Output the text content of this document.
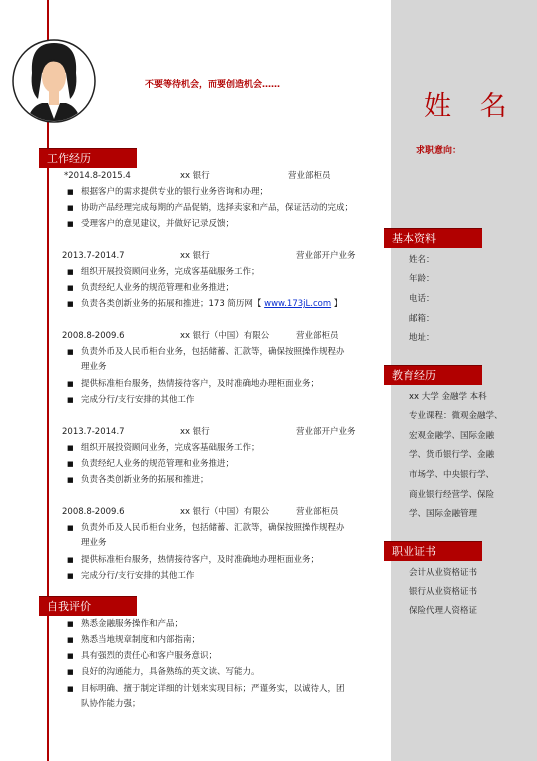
不要等待机会，而要创造机会……
姓 名
求职意向：
工作经历
自我评价
基本资料
教育经历
职业证书
*2014.8-2015.4	xx 银行	营业部柜员
■ 根据客户的需求提供专业的银行业务咨询和办理；
■ 协助产品经理完成每期的产品促销，选择卖家和产品，保证活动的完成；
■ 受理客户的意见建议，并做好记录反馈；
2013.7-2014.7	xx 银行	营业部开户业务
■ 组织开展投资顾问业务，完成客基础服务工作；
■ 负责经纪人业务的规范管理和业务推进；
■ 负责各类创新业务的拓展和推进；173 简历网【 www.173jL.com 】
2008.8-2009.6	xx 银行（中国）有限公	营业部柜员
■ 负责外币及人民币柜台业务，包括储蓄、汇款等，确保按照操作规程办
理业务
■ 提供标准柜台服务，热情接待客户，及时准确地办理柜面业务；
■ 完成分行/支行安排的其他工作
2013.7-2014.7	xx 银行	营业部开户业务
■ 组织开展投资顾问业务，完成客基础服务工作；
■ 负责经纪人业务的规范管理和业务推进；
■ 负责各类创新业务的拓展和推进；
2008.8-2009.6	xx 银行（中国）有限公	营业部柜员
■ 负责外币及人民币柜台业务，包括储蓄、汇款等，确保按照操作规程办
理业务
■ 提供标准柜台服务，热情接待客户，及时准确地办理柜面业务；
■ 完成分行/支行安排的其他工作
■ 熟悉金融服务操作和产品；
■ 熟悉当地规章制度和内部指南；
■ 具有强烈的责任心和客户服务意识；
■ 良好的沟通能力，具备熟练的英文读、写能力。
■ 目标明确、擅于制定详细的计划来实现目标；严谨务实，以诚待人，团
队协作能力强；
姓名：
年龄：
电话：
邮箱：
地址：
xx 大学 金融学 本科
专业课程：微观金融学、
宏观金融学、国际金融
学、货币银行学、金融
市场学、中央银行学、
商业银行经营学、保险
学、国际金融管理
会计从业资格证书
银行从业资格证书
保险代理人资格证
